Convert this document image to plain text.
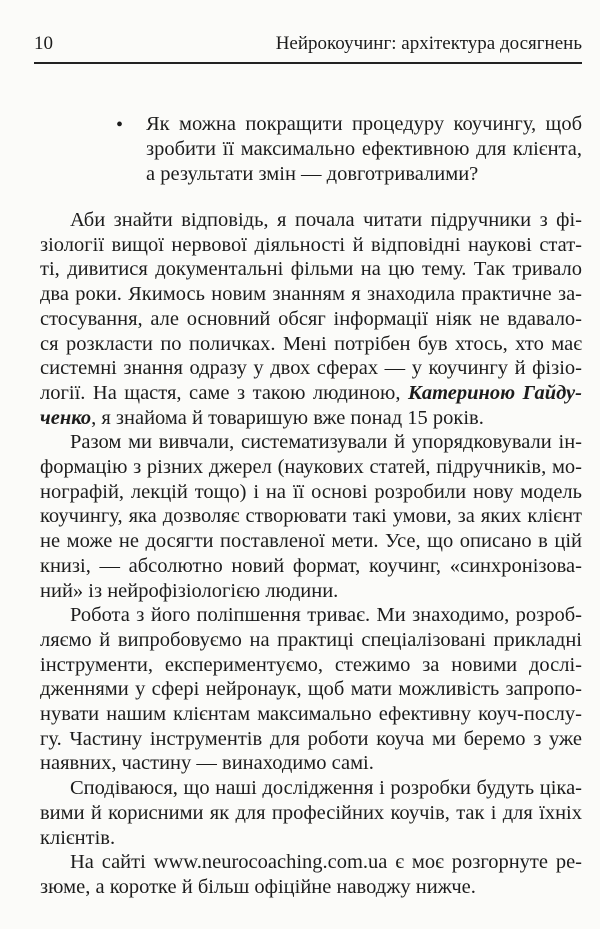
10	Нейрокоучинг: архітектура досягнень
• Як можна покращити процедуру коучингу, щоб
зробити її максимально ефективною для клієнта,
а результати змін — довготривалими?
Аби знайти відповідь, я почала читати підручники з фі-
зіології вищої нервової діяльності й відповідні наукові стат-
ті, дивитися документальні фільми на цю тему. Так тривало
два роки. Якимось новим знанням я знаходила практичне за-
стосування, але основний обсяг інформації ніяк не вдавало-
ся розкласти по поличках. Мені потрібен був хтось, хто має
системні знання одразу у двох сферах — у коучингу й фізіо-
логії. На щастя, саме з такою людиною, Катериною Гайду-
ченко, я знайома й товаришую вже понад 15 років.
Разом ми вивчали, систематизували й упорядковували ін-
формацію з різних джерел (наукових статей, підручників, мо-
нографій, лекцій тощо) і на її основі розробили нову модель
коучингу, яка дозволяє створювати такі умови, за яких клієнт
не може не досягти поставленої мети. Усе, що описано в цій
книзі, — абсолютно новий формат, коучинг, «синхронізова-
ний» із нейрофізіологією людини.
Робота з його поліпшення триває. Ми знаходимо, розроб-
ляємо й випробовуємо на практиці спеціалізовані прикладні
інструменти, експериментуємо, стежимо за новими дослі-
дженнями у сфері нейронаук, щоб мати можливість запропо-
нувати нашим клієнтам максимально ефективну коуч-послу-
гу. Частину інструментів для роботи коуча ми беремо з уже
наявних, частину — винаходимо самі.
Сподіваюся, що наші дослідження і розробки будуть ціка-
вими й корисними як для професійних коучів, так і для їхніх
клієнтів.
На сайті www.neurocoaching.com.ua є моє розгорнуте ре-
зюме, а коротке й більш офіційне наводжу нижче.
